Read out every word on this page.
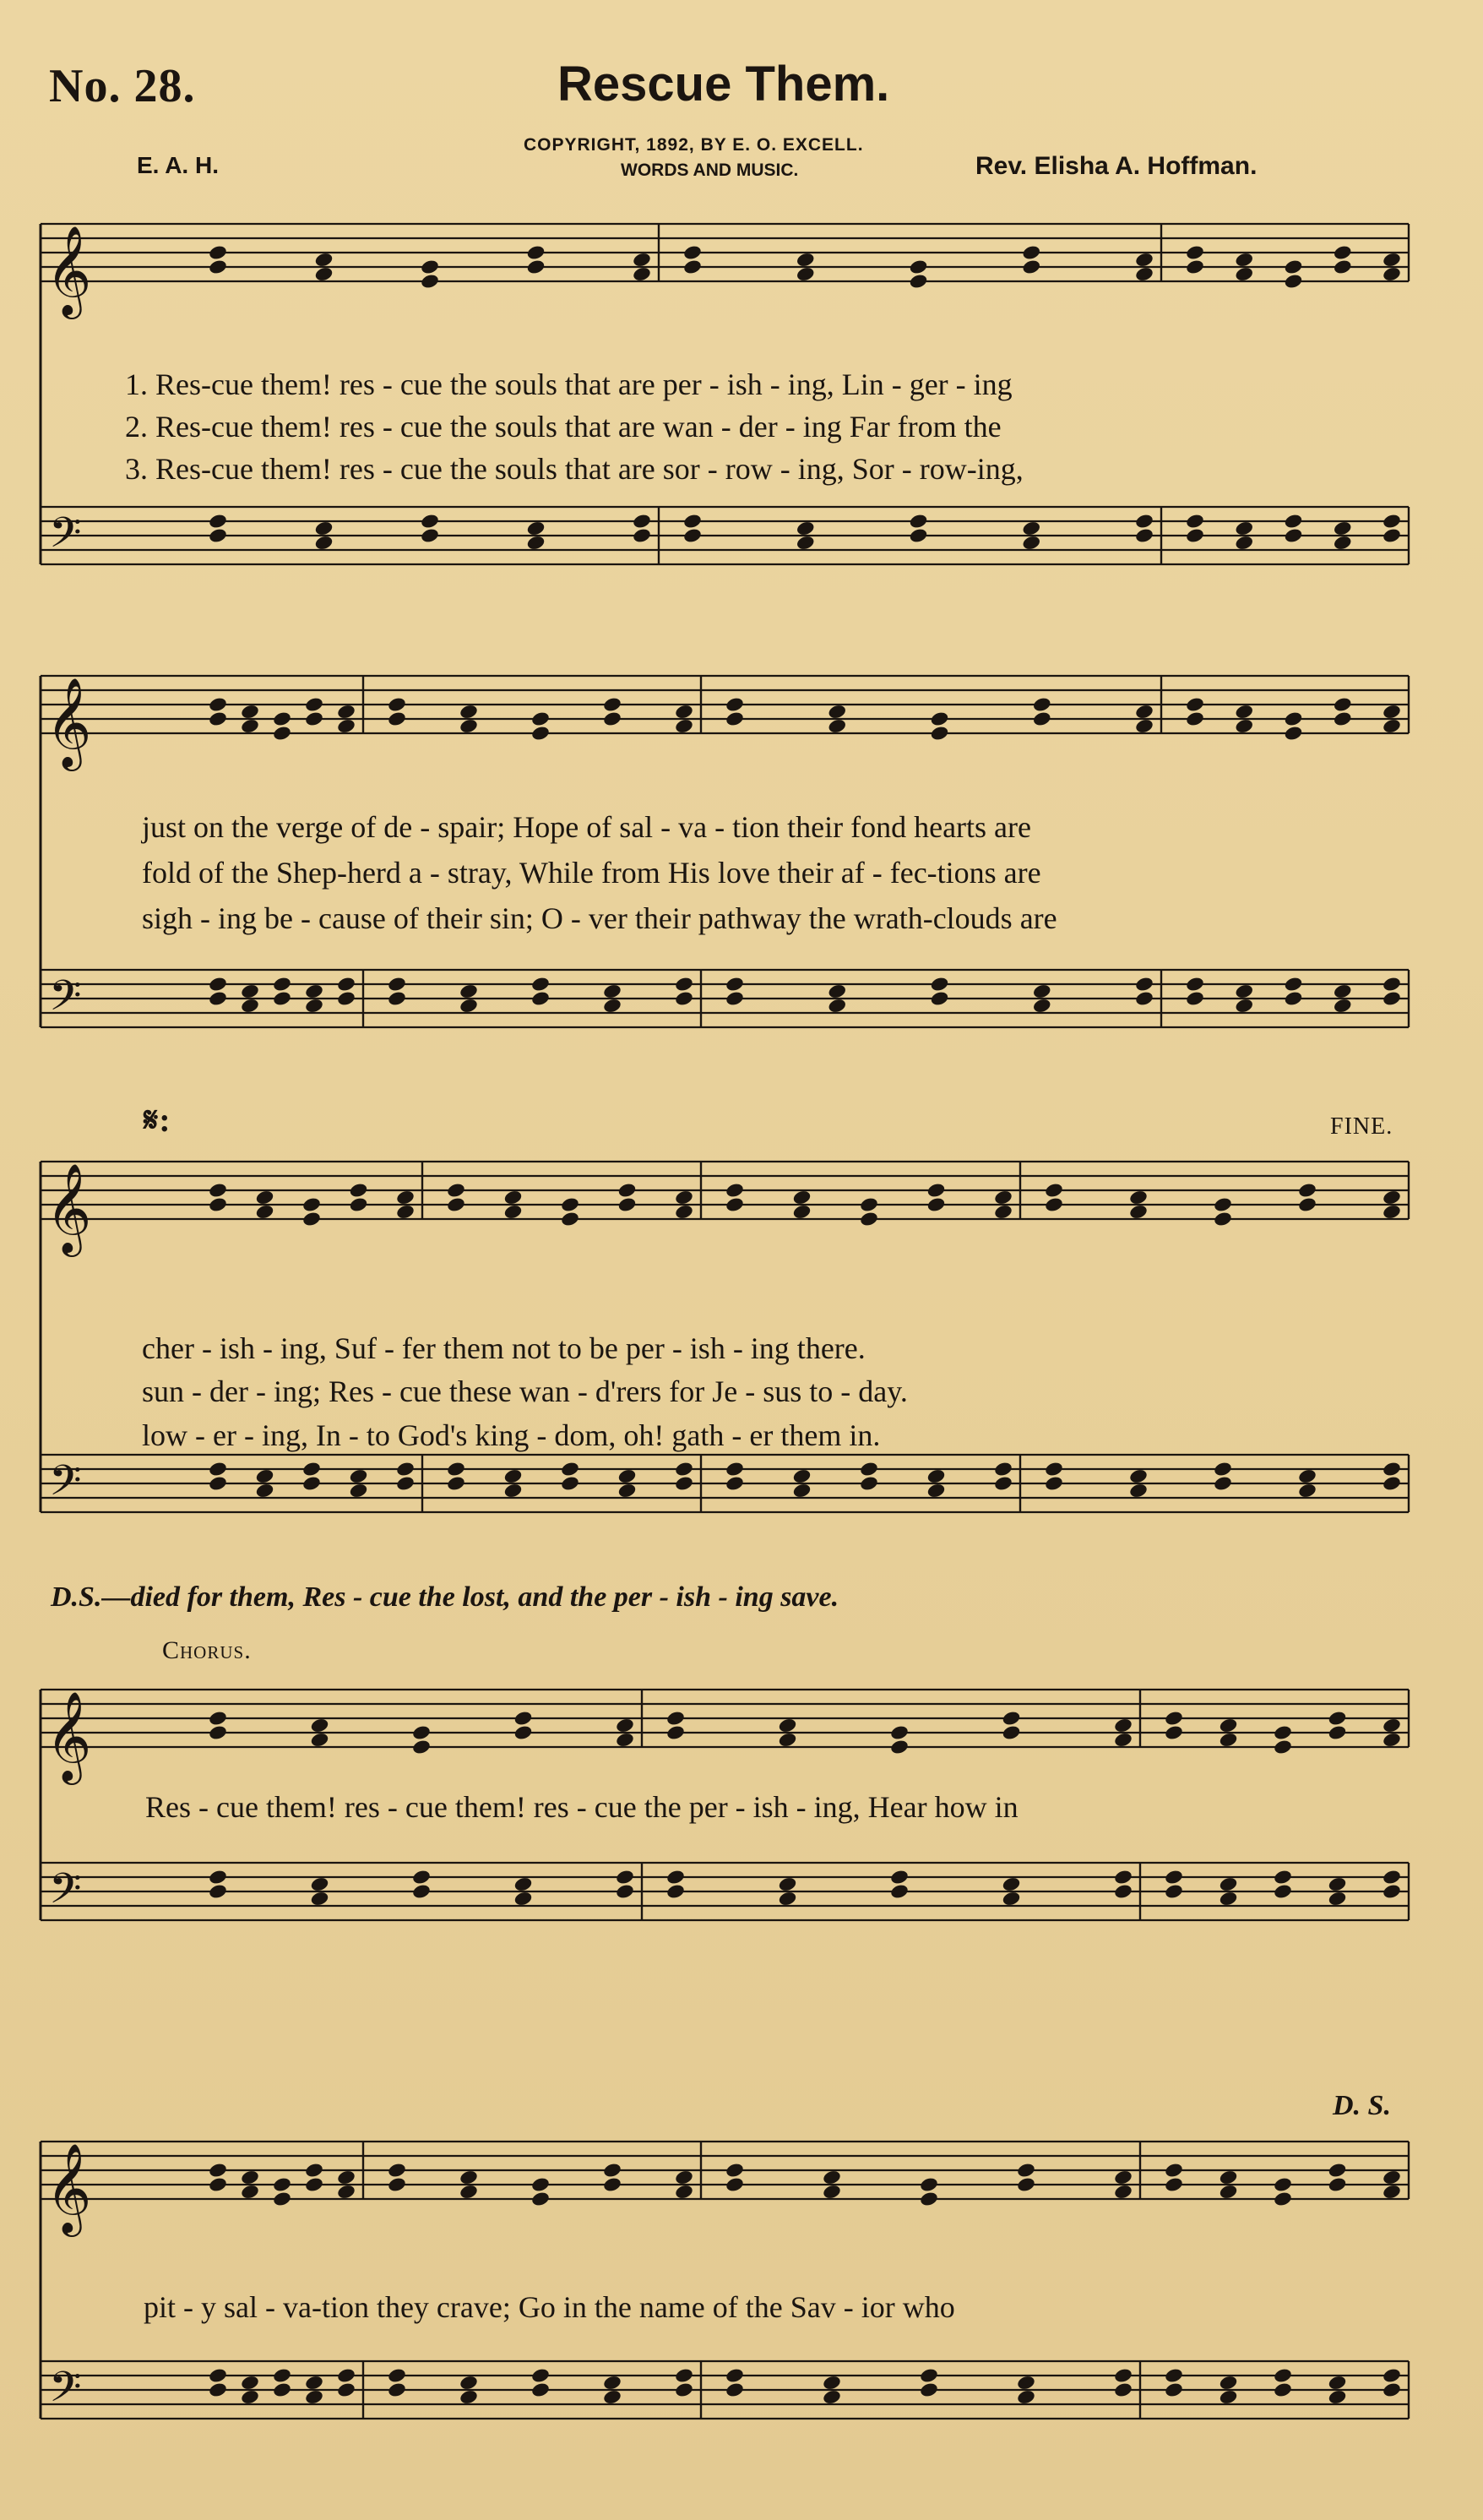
No. 28.	Rescue Them.
COPYRIGHT, 1892, BY E. O. EXCELL.
WORDS AND MUSIC.
E. A. H.	Rev. Elisha A. Hoffman.
𝄞
𝄢
𝄞
𝄢
𝄞
𝄢
𝄞
𝄢
𝄞
𝄢
1. Res-cue them! res - cue the souls that are per - ish - ing, Lin - ger - ing
2. Res-cue them! res - cue the souls that are wan - der - ing Far from the
3. Res-cue them! res - cue the souls that are sor - row - ing, Sor - row-ing,
just on the verge of de - spair; Hope of sal - va - tion their fond hearts are
fold of the Shep-herd a - stray, While from His love their af - fec-tions are
sigh - ing be - cause of their sin; O - ver their pathway the wrath-clouds are
𝄋:	FINE.
cher - ish - ing, Suf - fer them not to be per - ish - ing there.
sun - der - ing; Res - cue these wan - d'rers for Je - sus to - day.
low - er - ing, In - to God's king - dom, oh! gath - er them in.
D.S.—died for them, Res - cue the lost, and the per - ish - ing save.
Chorus.
Res - cue them! res - cue them! res - cue the per - ish - ing, Hear how in
D. S.
pit - y sal - va-tion they crave; Go in the name of the Sav - ior who
